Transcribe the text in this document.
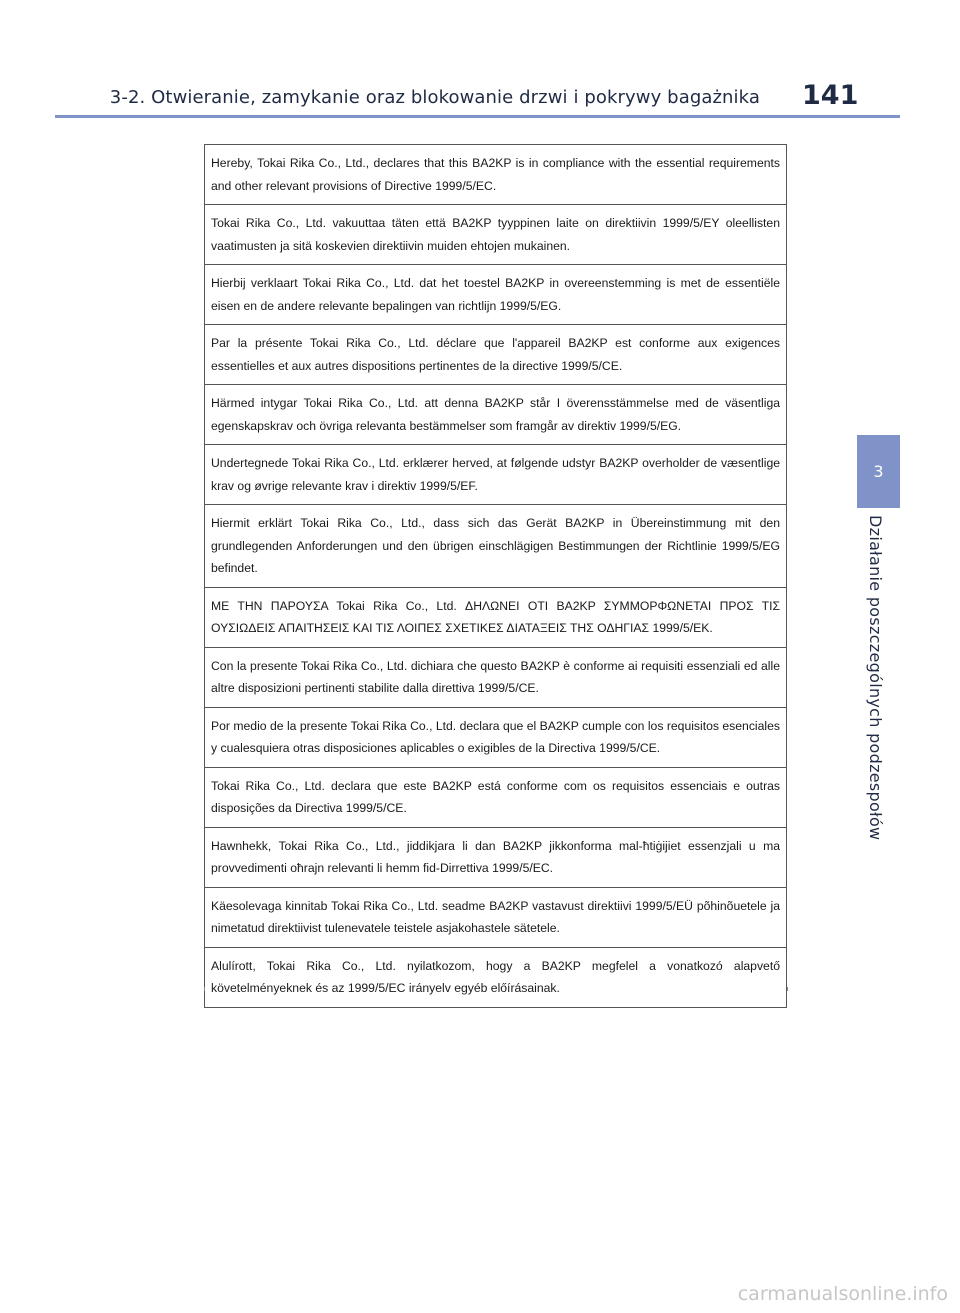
3-2. Otwieranie, zamykanie oraz blokowanie drzwi i pokrywy bagażnika 141
3
Działanie poszczególnych podzespołów
Hereby, Tokai Rika Co., Ltd., declares that this BA2KP is in compliance with the essential requirements and other relevant provisions of Directive 1999/5/EC.
Tokai Rika Co., Ltd. vakuuttaa täten että BA2KP tyyppinen laite on direktiivin 1999/5/EY oleellisten vaatimusten ja sitä koskevien direktiivin muiden ehtojen mukainen.
Hierbij verklaart Tokai Rika Co., Ltd. dat het toestel BA2KP in overeenstemming is met de essentiële eisen en de andere relevante bepalingen van richtlijn 1999/5/EG.
Par la présente Tokai Rika Co., Ltd. déclare que l'appareil BA2KP est conforme aux exigences essentielles et aux autres dispositions pertinentes de la directive 1999/5/CE.
Härmed intygar Tokai Rika Co., Ltd. att denna BA2KP står I överensstämmelse med de väsentliga egenskapskrav och övriga relevanta bestämmelser som framgår av direktiv 1999/5/EG.
Undertegnede Tokai Rika Co., Ltd. erklærer herved, at følgende udstyr BA2KP overholder de væsentlige krav og øvrige relevante krav i direktiv 1999/5/EF.
Hiermit erklärt Tokai Rika Co., Ltd., dass sich das Gerät BA2KP in Übereinstimmung mit den grundlegenden Anforderungen und den übrigen einschlägigen Bestimmungen der Richtlinie 1999/5/EG befindet.
ΜΕ ΤΗΝ ΠΑΡΟΥΣΑ Tokai Rika Co., Ltd. ΔΗΛΩΝΕΙ ΟΤΙ BA2KP ΣΥΜΜΟΡΦΩΝΕΤΑΙ ΠΡΟΣ ΤΙΣ ΟΥΣΙΩΔΕΙΣ ΑΠΑΙΤΗΣΕΙΣ ΚΑΙ ΤΙΣ ΛΟΙΠΕΣ ΣΧΕΤΙΚΕΣ ΔΙΑΤΑΞΕΙΣ ΤΗΣ ΟΔΗΓΙΑΣ 1999/5/ΕΚ.
Con la presente Tokai Rika Co., Ltd. dichiara che questo BA2KP è conforme ai requisiti essenziali ed alle altre disposizioni pertinenti stabilite dalla direttiva 1999/5/CE.
Por medio de la presente Tokai Rika Co., Ltd. declara que el BA2KP cumple con los requisitos esenciales y cualesquiera otras disposiciones aplicables o exigibles de la Directiva 1999/5/CE.
Tokai Rika Co., Ltd. declara que este BA2KP está conforme com os requisitos essenciais e outras disposições da Directiva 1999/5/CE.
Hawnhekk, Tokai Rika Co., Ltd., jiddikjara li dan BA2KP jikkonforma mal-ħtiġijiet essenzjali u ma provvedimenti oħrajn relevanti li hemm fid-Dirrettiva 1999/5/EC.
Käesolevaga kinnitab Tokai Rika Co., Ltd. seadme BA2KP vastavust direktiivi 1999/5/EÜ põhinõuetele ja nimetatud direktiivist tulenevatele teistele asjakohastele sätetele.
Alulírott, Tokai Rika Co., Ltd. nyilatkozom, hogy a BA2KP megfelel a vonatkozó alapvető követelményeknek és az 1999/5/EC irányelv egyéb előírásainak.
carmanualsonline.info
